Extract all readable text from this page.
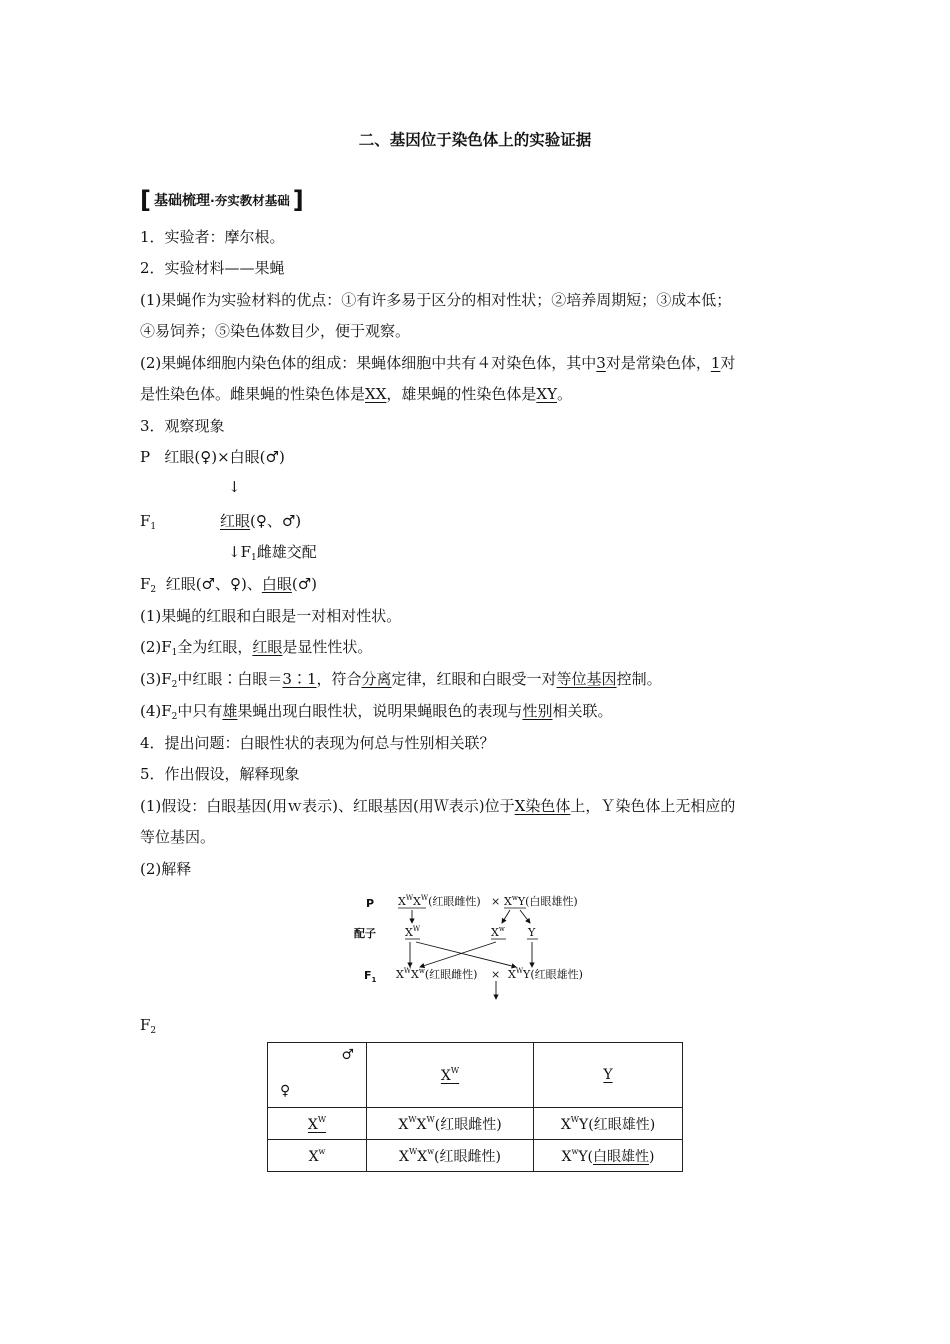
二、基因位于染色体上的实验证据
[ 基础梳理 · 夯实教材基础 ]
1．实验者：摩尔根。
2．实验材料——果蝇
(1)果蝇作为实验材料的优点：①有许多易于区分的相对性状；②培养周期短；③成本低；
④易饲养；⑤染色体数目少，便于观察。
(2)果蝇体细胞内染色体的组成：果蝇体细胞中共有４对染色体，其中3对是常染色体，1对
是性染色体。雌果蝇的性染色体是XX，雄果蝇的性染色体是XY。
3．观察现象
P 红眼(♀)×白眼(♂)
↓
$F_1$	红眼(♀、♂)
$↓F_1$雌雄交配
$F_2$ 红眼(♂、♀)、白眼(♂)
(1)果蝇的红眼和白眼是一对相对性状。
$(2)F_1$全为红眼，红眼是显性性状。
$(3)F_2$中红眼∶白眼＝3∶1，符合分离定律，红眼和白眼受一对等位基因控制。
$(4)F_2$中只有雄果蝇出现白眼性状，说明果蝇眼色的表现与性别相关联。
4．提出问题：白眼性状的表现为何总与性别相关联？
5．作出假设，解释现象
(1)假设：白眼基因(用ｗ表示)、红眼基因(用Ｗ表示)位于X染色体上，Ｙ染色体上无相应的
等位基因。
(2)解释
P
配子
$F_1$
$X^WX^W$(红眼雌性) × $X^wY$(白眼雄性)
$X^W$	$X^w$ Y
$X^WX^w$(红眼雌性) × $X^WY$(红眼雄性)
$F_2$
♂
♀	$X^W$	Y
$X^W$	$X^WX^W$(红眼雌性)	$X^WY$(红眼雄性)
$X^w$	$X^WX^w$(红眼雌性)	$X^wY$(白眼雄性)
